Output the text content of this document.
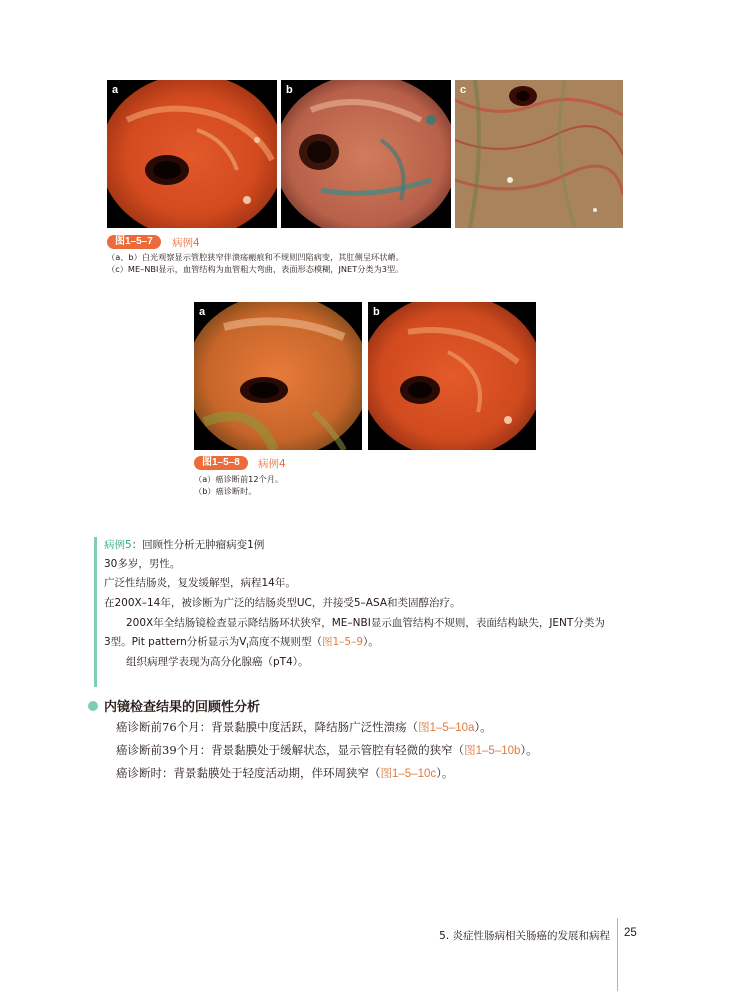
a	b	c
图1–5–7	病例4
（a、b）白光观察显示管腔狭窄伴溃疡瘢痕和不规则凹陷病变，其肛侧呈环状嵴。
（c）ME–NBI显示，血管结构为血管粗大弯曲，表面形态模糊，JNET分类为3型。
a	b
图1–5–8	病例4
（a）癌诊断前12个月。
（b）癌诊断时。
病例5：回顾性分析无肿瘤病变1例
30多岁，男性。
广泛性结肠炎，复发缓解型，病程14年。
在200X–14年，被诊断为广泛的结肠炎型UC，并接受5–ASA和类固醇治疗。
200X年全结肠镜检查显示降结肠环状狭窄，ME–NBI显示血管结构不规则，表面结构缺失，JENT分类为
3型。Pit pattern分析显示为$Ⅴ_I$高度不规则型（图1–5–9）。
组织病理学表现为高分化腺癌（pT4）。
内镜检查结果的回顾性分析
癌诊断前76个月：背景黏膜中度活跃，降结肠广泛性溃疡（图1–5–10a）。
癌诊断前39个月：背景黏膜处于缓解状态，显示管腔有轻微的狭窄（图1–5–10b）。
癌诊断时：背景黏膜处于轻度活动期，伴环周狭窄（图1–5–10c）。
5. 炎症性肠病相关肠癌的发展和病程 25
